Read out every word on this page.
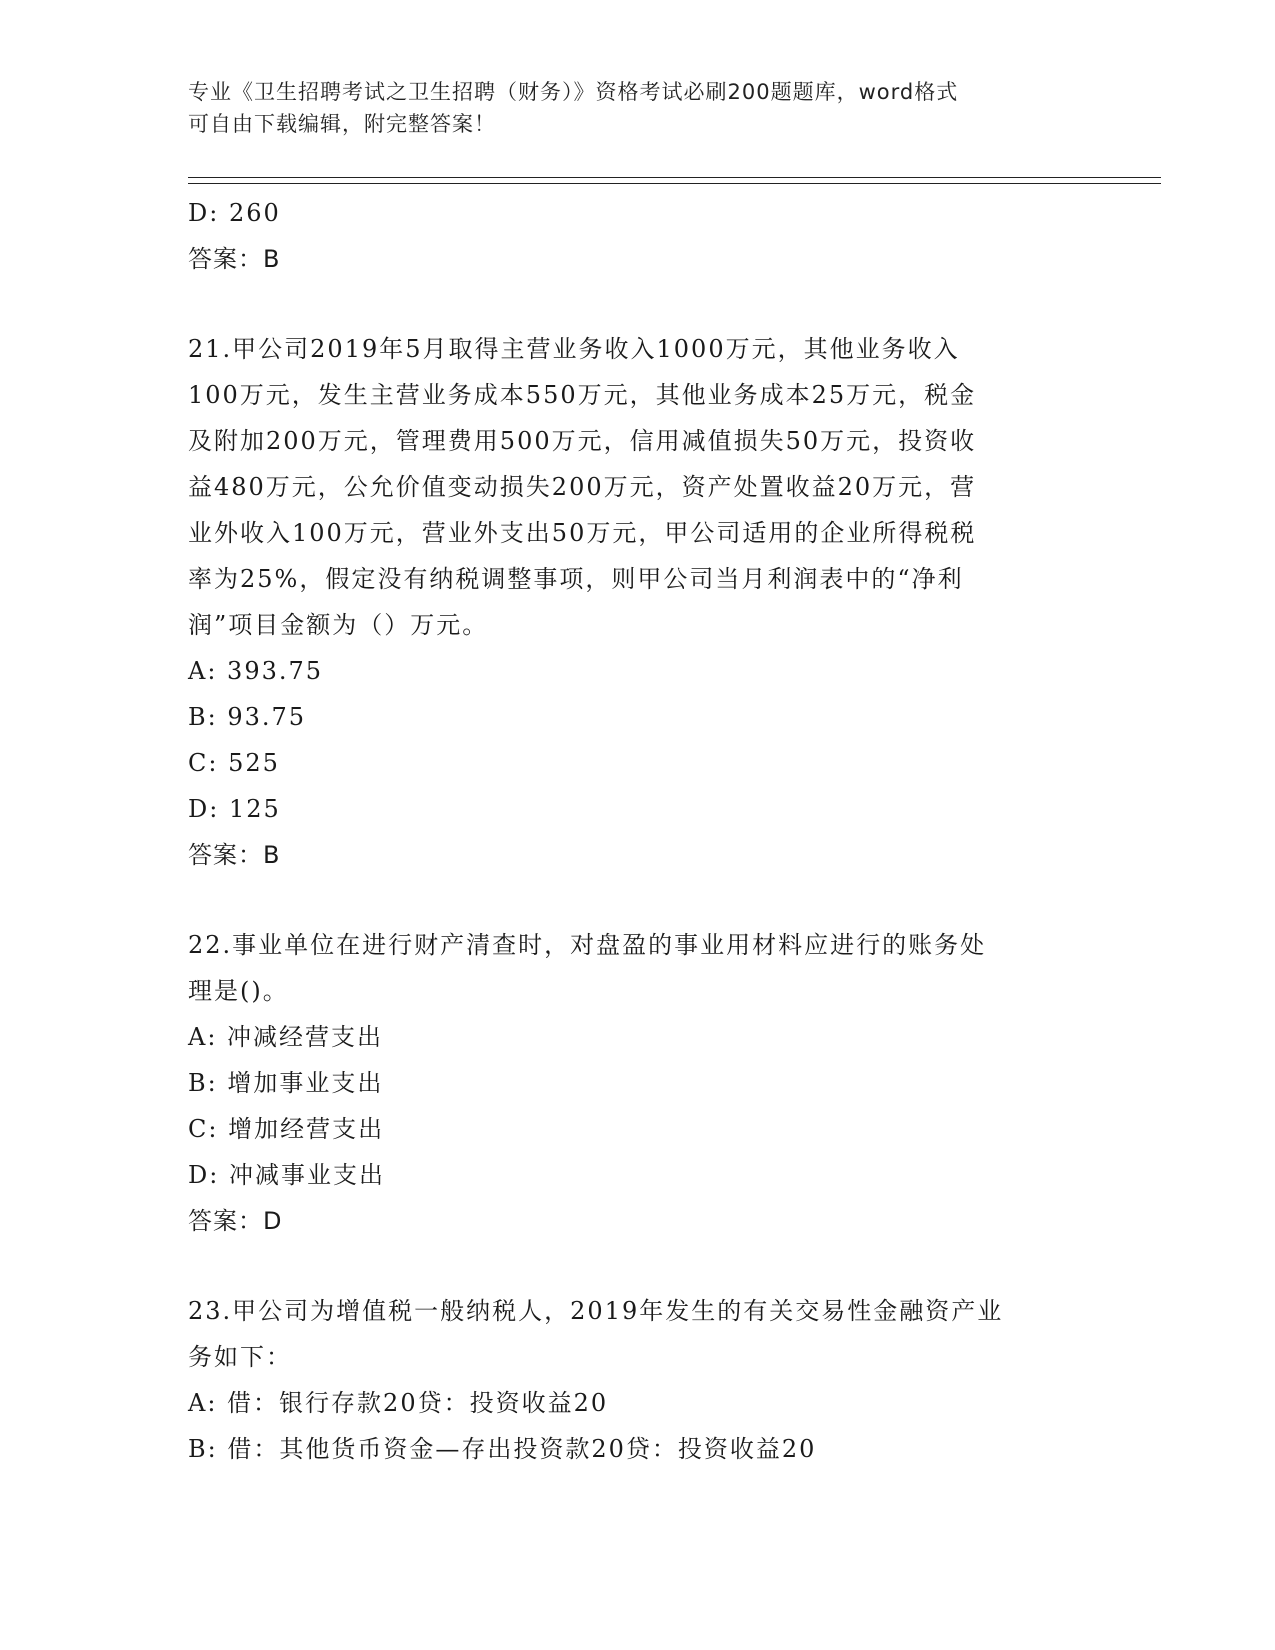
专业《卫生招聘考试之卫生招聘（财务）》资格考试必刷200题题库，word格式
可自由下载编辑，附完整答案！
D: 260
答案：B
21.甲公司2019年5月取得主营业务收入1000万元，其他业务收入
100万元，发生主营业务成本550万元，其他业务成本25万元，税金
及附加200万元，管理费用500万元，信用减值损失50万元，投资收
益480万元，公允价值变动损失200万元，资产处置收益20万元，营
业外收入100万元，营业外支出50万元，甲公司适用的企业所得税税
率为25%，假定没有纳税调整事项，则甲公司当月利润表中的“净利
润”项目金额为（）万元。
A: 393.75
B: 93.75
C: 525
D: 125
答案：B
22.事业单位在进行财产清查时，对盘盈的事业用材料应进行的账务处
理是()。
A: 冲减经营支出
B: 增加事业支出
C: 增加经营支出
D: 冲减事业支出
答案：D
23.甲公司为增值税一般纳税人，2019年发生的有关交易性金融资产业
务如下：
A: 借：银行存款20贷：投资收益20
B: 借：其他货币资金—存出投资款20贷：投资收益20
